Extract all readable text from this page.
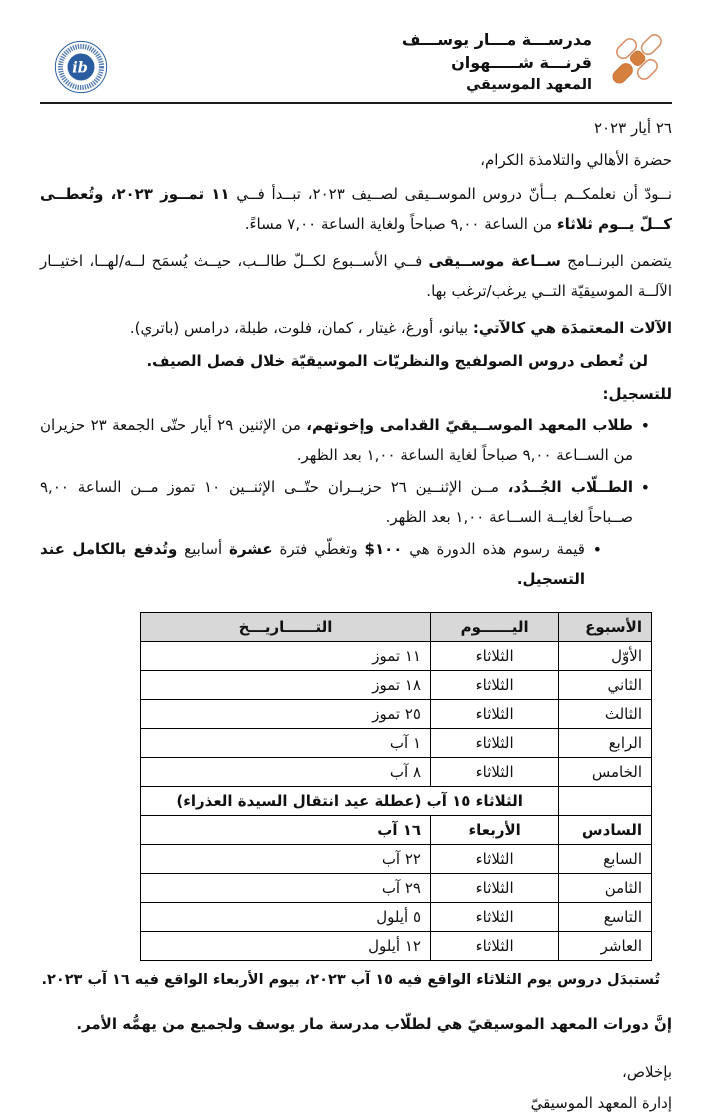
ib
مدرســـة مـــار يوســـف
قرنـــة شـــــهوان
المعهد الموسيقي
٢٦ أيار ٢٠٢٣
حضرة الأهالي والتلامذة الكرام،

نــودّ أن نعلمكــم بــأنّ دروس الموســيقى لصــيف ٢٠٢٣، تبــدأ فــي ١١ تمــوز ٢٠٢٣، وتُعطــى كــلّ يــوم ثلاثاء من الساعة ٩,٠٠ صباحاً ولغاية الساعة ٧,٠٠ مساءً.

يتضمن البرنــامج ســاعة موســيقى فــي الأســبوع لكــلّ طالــب، حيــث يُسمَح لــه/لهــا، اختيــار الآلــة الموسيقيّة التــي يرغب/ترغب بها.

الآلات المعتمدَة هي كالآتي: بيانو، أورغ، غيتار ، كمان، فلوت، طبلة، درامس (باتري).

لن تُعطى دروس الصولفيج والنظريّات الموسيقيّة خلال فصل الصيف.
للتسجيل:
• طلاب المعهد الموســيقيّ القدامى وإخوتهم، من الإثنين ٢٩ أيار حتّى الجمعة ٢٣ حزيران من الســاعة ٩,٠٠ صباحاً لغاية الساعة ١,٠٠ بعد الظهر.
• الطــلّاب الجُــدُد، مــن الإثنــين ٢٦ حزيــران حتّــى الإثنــين ١٠ تموز مــن الساعة ٩,٠٠ صــباحاً لغايــة الســاعة ١,٠٠ بعد الظهر.
• قيمة رسوم هذه الدورة هي ١٠٠$ وتغطّي فترة عشرة أسابيع وتُدفع بالكامل عند التسجيل.
الأسبوع	اليــــــوم	التــــــاريـــخ
الأوّل	الثلاثاء	١١ تموز
الثاني	الثلاثاء	١٨ تموز
الثالث	الثلاثاء	٢٥ تموز
الرابع	الثلاثاء	١ آب
الخامس	الثلاثاء	٨ آب
	الثلاثاء ١٥ آب (عطلة عيد انتقال السيدة العذراء)	
السادس	الأربعاء	١٦ آب
السابع	الثلاثاء	٢٢ آب
الثامن	الثلاثاء	٢٩ آب
التاسع	الثلاثاء	٥ أيلول
العاشر	الثلاثاء	١٢ أيلول
تُستبدَل دروس يوم الثلاثاء الواقع فيه ١٥ آب ٢٠٢٣، بيوم الأربعاء الواقع فيه ١٦ آب ٢٠٢٣.
إنَّ دورات المعهد الموسيقيّ هي لطلّاب مدرسة مار يوسف ولجميع من يهمُّه الأمر.
بإخلاص،
إدارة المعهد الموسيقيّ
